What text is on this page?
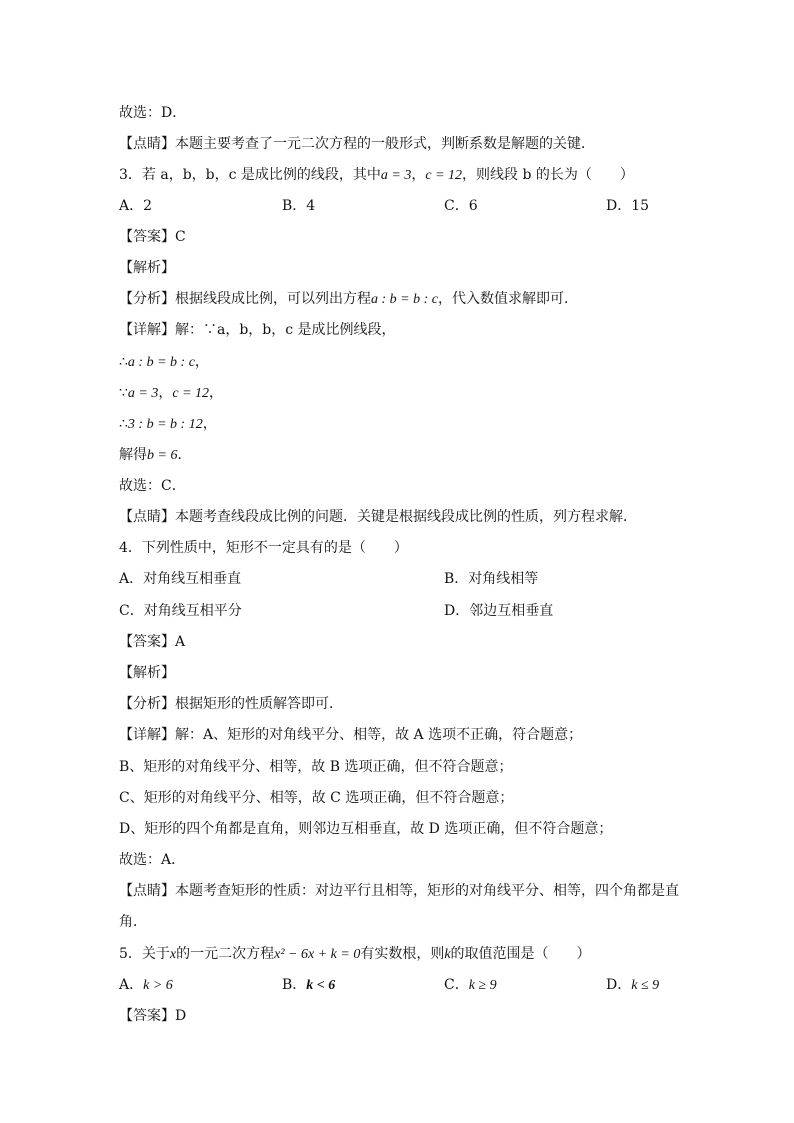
故选：D．
【点睛】本题主要考查了一元二次方程的一般形式，判断系数是解题的关键．
3．若 a，b，b，c 是成比例的线段，其中a = 3，c = 12，则线段 b 的长为（　　）
A．2	B．4	C．6	D．15
【答案】C
【解析】
【分析】根据线段成比例，可以列出方程a : b = b : c，代入数值求解即可．
【详解】解：∵a，b，b，c 是成比例线段，
∴a : b = b : c，
∵a = 3，c = 12，
∴3 : b = b : 12，
解得b = 6．
故选：C．
【点睛】本题考查线段成比例的问题．关键是根据线段成比例的性质，列方程求解．
4．下列性质中，矩形不一定具有的是（　　）
A．对角线互相垂直	B．对角线相等
C．对角线互相平分	D．邻边互相垂直
【答案】A
【解析】
【分析】根据矩形的性质解答即可．
【详解】解：A、矩形的对角线平分、相等，故 A 选项不正确，符合题意；
B、矩形的对角线平分、相等，故 B 选项正确，但不符合题意；
C、矩形的对角线平分、相等，故 C 选项正确，但不符合题意；
D、矩形的四个角都是直角，则邻边互相垂直，故 D 选项正确，但不符合题意；
故选：A．
【点睛】本题考查矩形的性质：对边平行且相等，矩形的对角线平分、相等，四个角都是直
角．
5．关于x的一元二次方程x² − 6x + k = 0有实数根，则k的取值范围是（　　）
A．k > 6	B．k < 6	C．k ≥ 9	D．k ≤ 9
【答案】D
